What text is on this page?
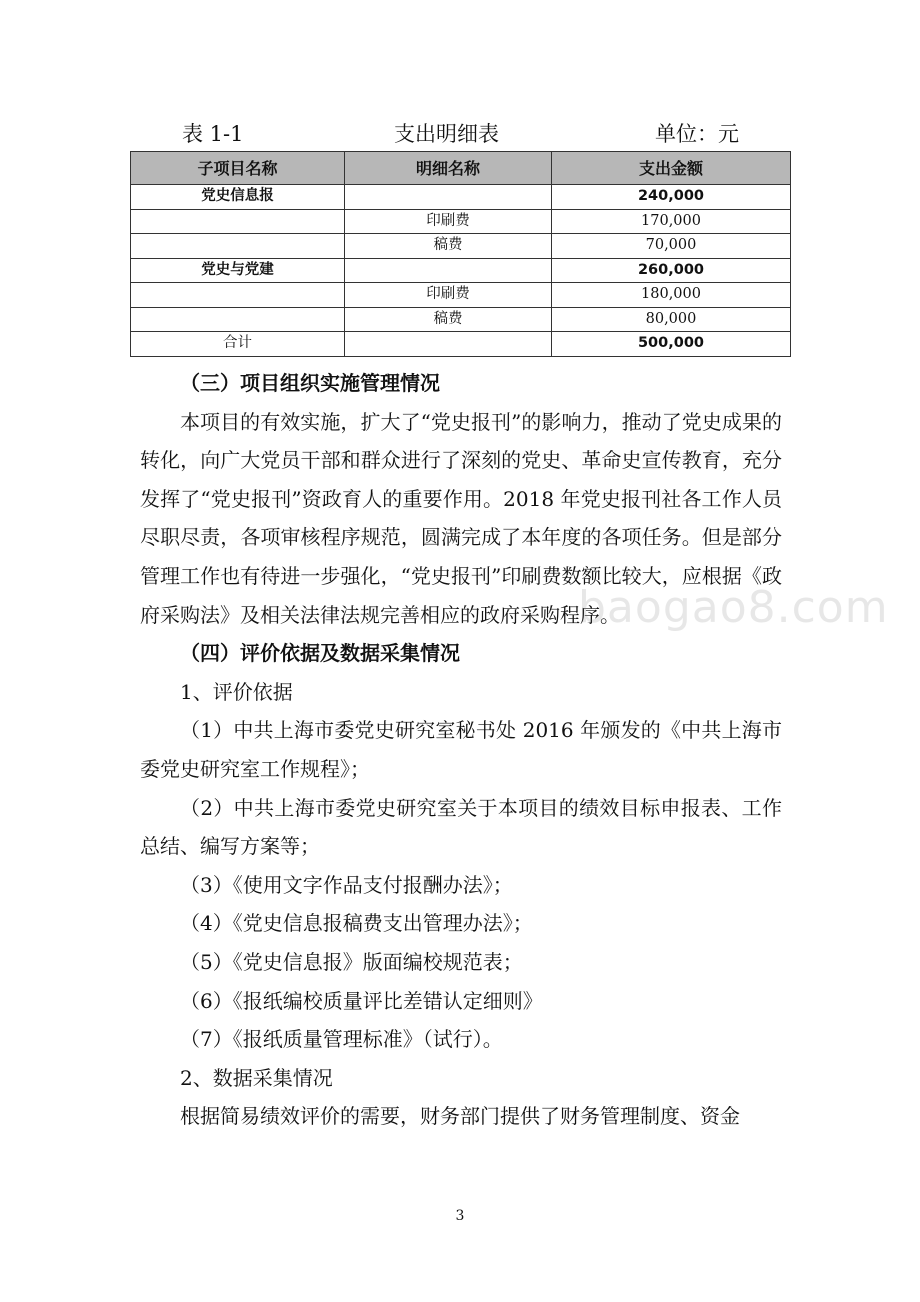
表 1-1	支出明细表	单位：元
子项目名称	明细名称	支出金额
党史信息报		240,000
	印刷费	170,000
	稿费	70,000
党史与党建		260,000
	印刷费	180,000
	稿费	80,000
合计		500,000

（三）项目组织实施管理情况

本项目的有效实施，扩大了“党史报刊”的影响力，推动了党史成果的转化，向广大党员干部和群众进行了深刻的党史、革命史宣传教育，充分发挥了“党史报刊”资政育人的重要作用。2018 年党史报刊社各工作人员尽职尽责，各项审核程序规范，圆满完成了本年度的各项任务。但是部分管理工作也有待进一步强化，“党史报刊”印刷费数额比较大，应根据《政府采购法》及相关法律法规完善相应的政府采购程序。

（四）评价依据及数据采集情况

1、评价依据

（1）中共上海市委党史研究室秘书处 2016 年颁发的《中共上海市委党史研究室工作规程》；

（2）中共上海市委党史研究室关于本项目的绩效目标申报表、工作总结、编写方案等；

（3）《使用文字作品支付报酬办法》；

（4）《党史信息报稿费支出管理办法》；

（5）《党史信息报》版面编校规范表；

（6）《报纸编校质量评比差错认定细则》

（7）《报纸质量管理标准》（试行）。

2、数据采集情况

根据简易绩效评价的需要，财务部门提供了财务管理制度、资金

baogao8.com
3
